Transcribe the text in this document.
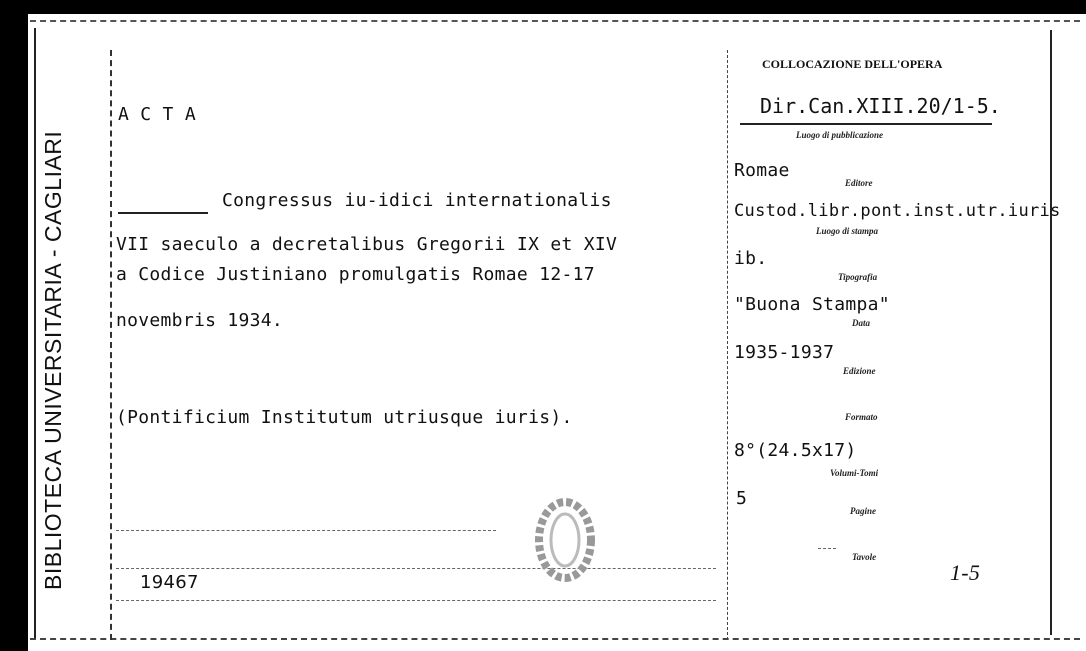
BIBLIOTECA UNIVERSITARIA - CAGLIARI
COLLOCAZIONE DELL'OPERA
Dir.Can.XIII.20/1-5.
A C T A
Congressus iu-idici internationalis
VII saeculo a decretalibus Gregorii IX et XIV
a Codice Justiniano promulgatis Romae 12-17
novembris 1934.
(Pontificium Institutum utriusque iuris).
19467
Luogo di pubblicazione
Romae
Editore
Custod.libr.pont.inst.utr.iuris
Luogo di stampa
ib.
Tipografia
"Buona Stampa"
Data
1935-1937
Edizione
Formato
8°(24.5x17)
Volumi-Tomi
5
Pagine
Tavole
1-5
